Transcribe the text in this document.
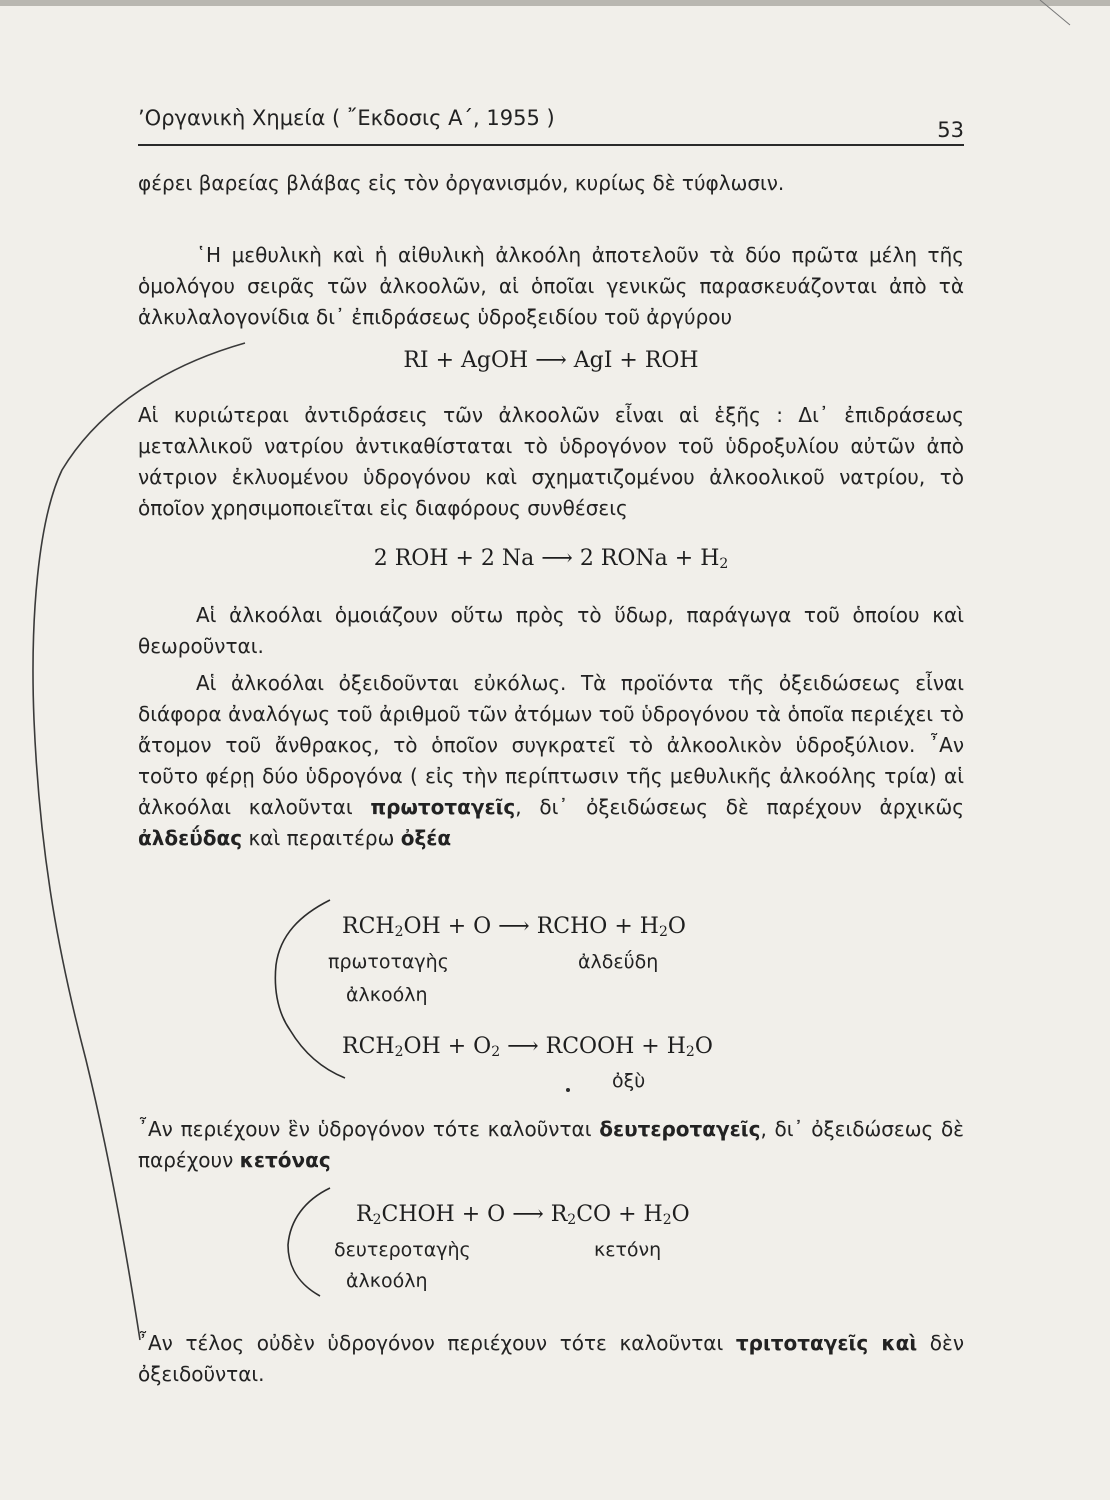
ʼΟργανικὴ Χημεία ( ῎Εκδοσις Α΄, 1955 )	53

φέρει βαρείας βλάβας εἰς τὸν ὀργανισμόν, κυρίως δὲ τύφλωσιν.

῾Η μεθυλικὴ καὶ ἡ αἰθυλικὴ ἀλκοόλη ἀποτελοῦν τὰ δύο πρῶτα μέλη τῆς ὁμολόγου σειρᾶς τῶν ἀλκοολῶν, αἱ ὁποῖαι γενικῶς παρασκευάζονται ἀπὸ τὰ ἀλκυλαλογονίδια δι᾽ ἐπιδράσεως ὑδροξειδίου τοῦ ἀργύρου

RI + AgOH ⟶ AgI + ROH

Αἱ κυριώτεραι ἀντιδράσεις τῶν ἀλκοολῶν εἶναι αἱ ἑξῆς : Δι᾽ ἐπιδράσεως μεταλλικοῦ νατρίου ἀντικαθίσταται τὸ ὑδρογόνον τοῦ ὑδροξυλίου αὐτῶν ἀπὸ νάτριον ἐκλυομένου ὑδρογόνου καὶ σχηματιζομένου ἀλκοολικοῦ νατρίου, τὸ ὁποῖον χρησιμοποιεῖται εἰς διαφόρους συνθέσεις

2 ROH + 2 Na ⟶ 2 RONa + $H_2$

Αἱ ἀλκοόλαι ὁμοιάζουν οὕτω πρὸς τὸ ὕδωρ, παράγωγα τοῦ ὁποίου καὶ θεωροῦνται.

Αἱ ἀλκοόλαι ὀξειδοῦνται εὐκόλως. Τὰ προϊόντα τῆς ὀξειδώσεως εἶναι διάφορα ἀναλόγως τοῦ ἀριθμοῦ τῶν ἀτόμων τοῦ ὑδρογόνου τὰ ὁποῖα περιέχει τὸ ἄτομον τοῦ ἄνθρακος, τὸ ὁποῖον συγκρατεῖ τὸ ἀλκοολικὸν ὑδροξύλιον. ῏Αν τοῦτο φέρῃ δύο ὑδρογόνα ( εἰς τὴν περίπτωσιν τῆς μεθυλικῆς ἀλκοόλης τρία) αἱ ἀλκοόλαι καλοῦνται πρωτοταγεῖς, δι᾽ ὀξειδώσεως δὲ παρέχουν ἀρχικῶς ἀλδεΰδας καὶ περαιτέρω ὀξέα

$RCH_2OH + O$ ⟶ RCHO + $H_2O$
πρωτοταγὴς	ἀλδεΰδη
ἀλκοόλη
$RCH_2OH + O_2$ ⟶ RCOOH + $H_2O$
ὀξὺ

῏Αν περιέχουν ἓν ὑδρογόνον τότε καλοῦνται δευτεροταγεῖς, δι᾽ ὀξειδώσεως δὲ παρέχουν κετόνας

$R_2CHOH + O$ ⟶ $R_2CO + H_2O$
δευτεροταγὴς	κετόνη
ἀλκοόλη

῏Αν τέλος οὐδὲν ὑδρογόνον περιέχουν τότε καλοῦνται τριτοταγεῖς καὶ δὲν ὀξειδοῦνται.
